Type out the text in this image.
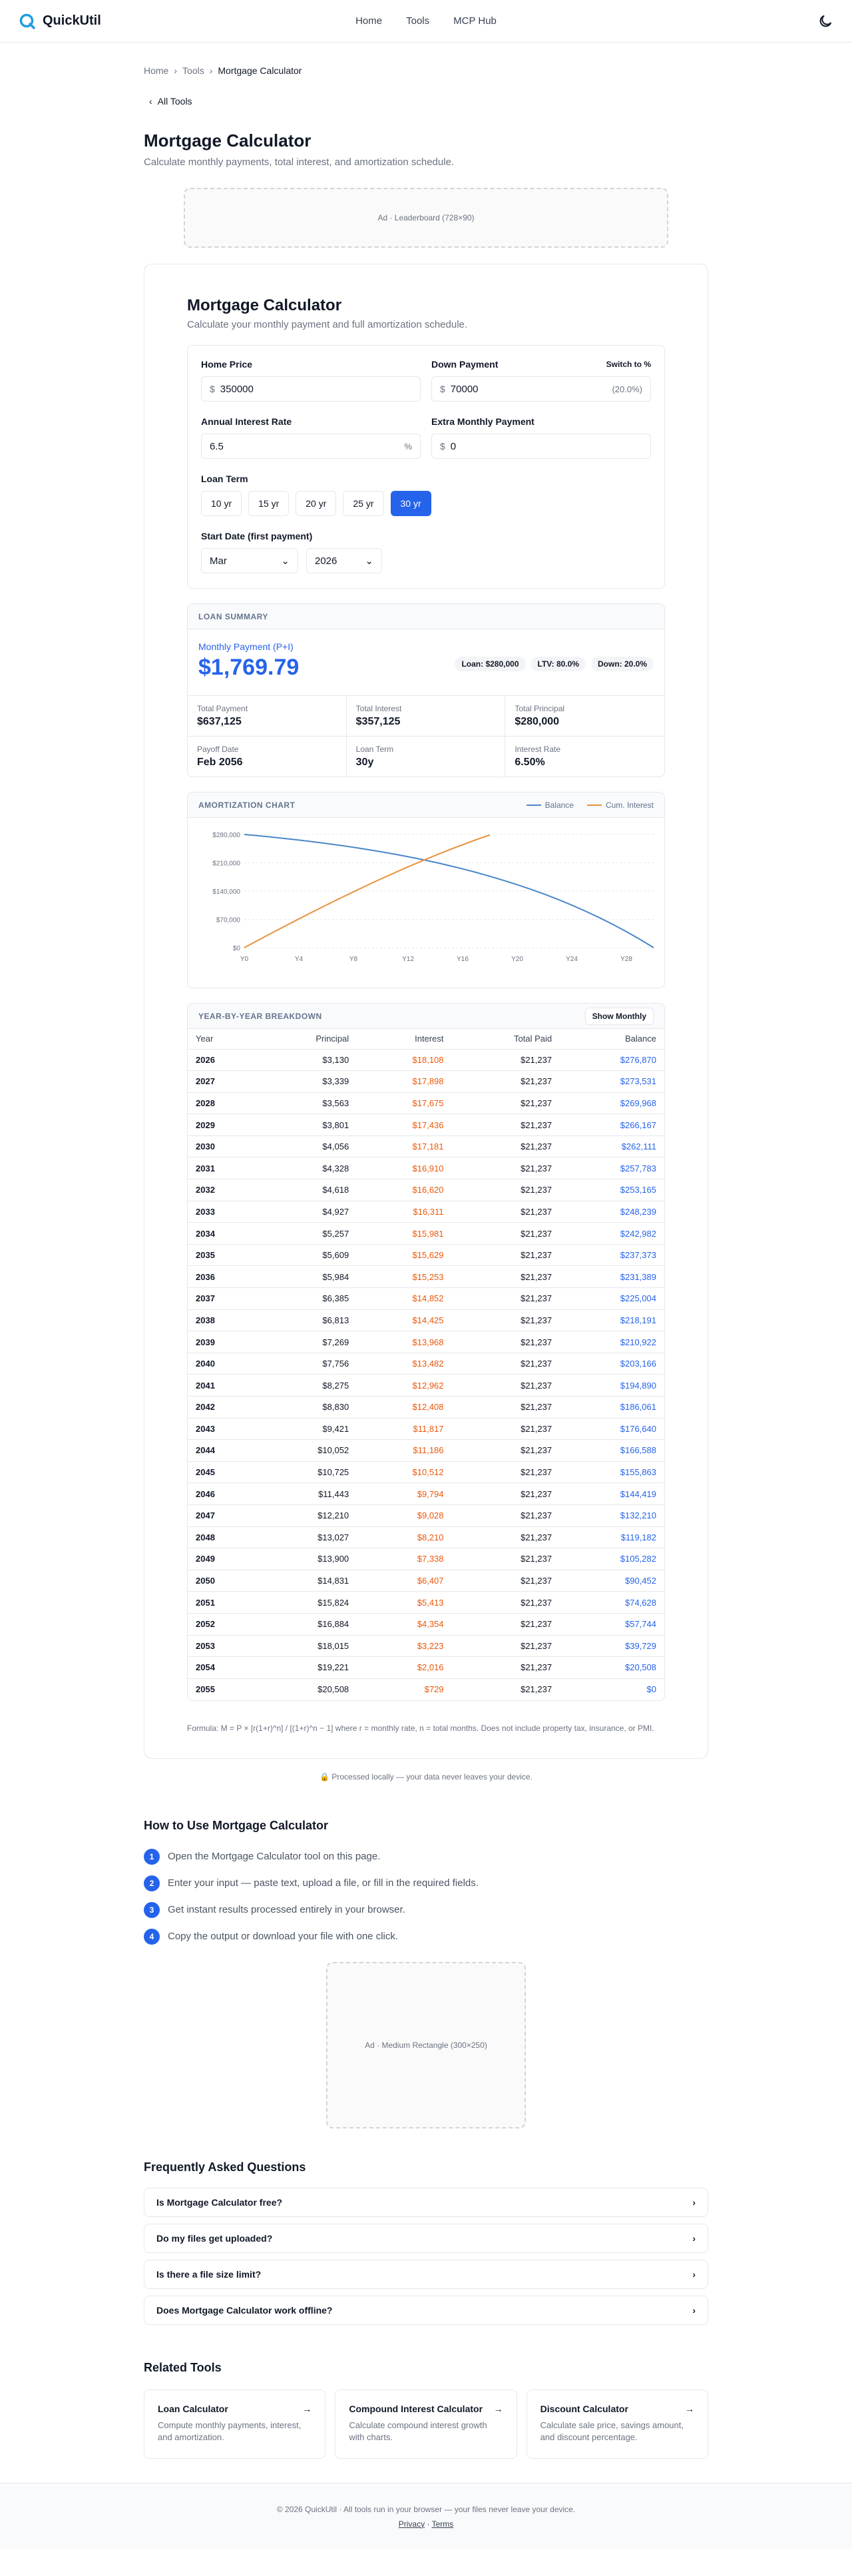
QuickUtil	Home Tools MCP Hub
Home › Tools › Mortgage Calculator
‹ All Tools
Mortgage Calculator
Calculate monthly payments, total interest, and amortization schedule.
Ad · Leaderboard (728×90)
Mortgage Calculator
Calculate your monthly payment and full amortization schedule.
Home Price
$ 350000
Down Payment	Switch to %
$ 70000	(20.0%)
Annual Interest Rate
6.5	%
Extra Monthly Payment
$ 0
Loan Term
10 yr	15 yr	20 yr	25 yr	30 yr
Start Date (first payment)
Mar	⌄	2026	⌄
LOAN SUMMARY
Monthly Payment (P+I)
$1,769.79	Loan: $280,000	LTV: 80.0%	Down: 20.0%
Total Payment
$637,125
Total Interest
$357,125
Total Principal
$280,000
Payoff Date
Feb 2056
Loan Term
30y
Interest Rate
6.50%
AMORTIZATION CHART	Balance	Cum. Interest
$0
$70,000
$140,000
$210,000
$280,000
Y0	Y4	Y8	Y12	Y16	Y20	Y24	Y28
YEAR-BY-YEAR BREAKDOWN	Show Monthly
Year	Principal	Interest	Total Paid	Balance
2026	$3,130	$18,108	$21,237	$276,870
2027	$3,339	$17,898	$21,237	$273,531
2028	$3,563	$17,675	$21,237	$269,968
2029	$3,801	$17,436	$21,237	$266,167
2030	$4,056	$17,181	$21,237	$262,111
2031	$4,328	$16,910	$21,237	$257,783
2032	$4,618	$16,620	$21,237	$253,165
2033	$4,927	$16,311	$21,237	$248,239
2034	$5,257	$15,981	$21,237	$242,982
2035	$5,609	$15,629	$21,237	$237,373
2036	$5,984	$15,253	$21,237	$231,389
2037	$6,385	$14,852	$21,237	$225,004
2038	$6,813	$14,425	$21,237	$218,191
2039	$7,269	$13,968	$21,237	$210,922
2040	$7,756	$13,482	$21,237	$203,166
2041	$8,275	$12,962	$21,237	$194,890
2042	$8,830	$12,408	$21,237	$186,061
2043	$9,421	$11,817	$21,237	$176,640
2044	$10,052	$11,186	$21,237	$166,588
2045	$10,725	$10,512	$21,237	$155,863
2046	$11,443	$9,794	$21,237	$144,419
2047	$12,210	$9,028	$21,237	$132,210
2048	$13,027	$8,210	$21,237	$119,182
2049	$13,900	$7,338	$21,237	$105,282
2050	$14,831	$6,407	$21,237	$90,452
2051	$15,824	$5,413	$21,237	$74,628
2052	$16,884	$4,354	$21,237	$57,744
2053	$18,015	$3,223	$21,237	$39,729
2054	$19,221	$2,016	$21,237	$20,508
2055	$20,508	$729	$21,237	$0
Formula: M = P × [r(1+r)^n] / [(1+r)^n − 1] where r = monthly rate, n = total months. Does not include property tax, insurance, or PMI.
🔒 Processed locally — your data never leaves your device.
How to Use Mortgage Calculator
1	Open the Mortgage Calculator tool on this page.
2	Enter your input — paste text, upload a file, or fill in the required fields.
3	Get instant results processed entirely in your browser.
4	Copy the output or download your file with one click.
Ad · Medium Rectangle (300×250)
Frequently Asked Questions
Is Mortgage Calculator free?	›
Do my files get uploaded?	›
Is there a file size limit?	›
Does Mortgage Calculator work offline?	›
Related Tools
Loan Calculator	→
Compute monthly payments, interest, and amortization.
Compound Interest Calculator →
Calculate compound interest growth with charts.
Discount Calculator	→
Calculate sale price, savings amount, and discount percentage.
© 2026 QuickUtil · All tools run in your browser — your files never leave your device.
Privacy · Terms
